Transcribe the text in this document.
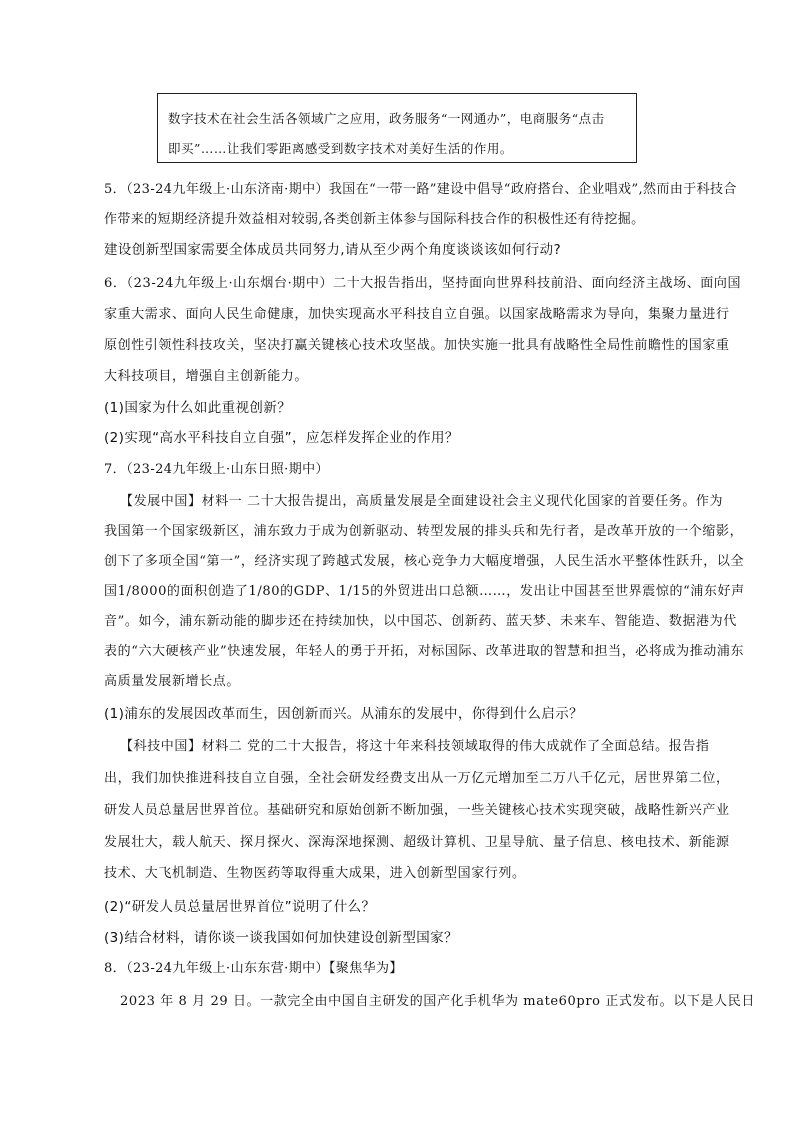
数字技术在社会生活各领域广之应用，政务服务“一网通办”，电商服务“点击
即买”……让我们零距离感受到数字技术对美好生活的作用。
5．（23-24九年级上·山东济南·期中）我国在“一带一路”建设中倡导“政府搭台、企业唱戏”,然而由于科技合
作带来的短期经济提升效益相对较弱,各类创新主体参与国际科技合作的积极性还有待挖掘。
建设创新型国家需要全体成员共同努力,请从至少两个角度谈谈该如何行动?
6．（23-24九年级上·山东烟台·期中）二十大报告指出，坚持面向世界科技前沿、面向经济主战场、面向国
家重大需求、面向人民生命健康，加快实现高水平科技自立自强。以国家战略需求为导向，集聚力量进行
原创性引领性科技攻关，坚决打赢关键核心技术攻坚战。加快实施一批具有战略性全局性前瞻性的国家重
大科技项目，增强自主创新能力。
(1)国家为什么如此重视创新？
(2)实现“高水平科技自立自强”，应怎样发挥企业的作用？
7．（23-24九年级上·山东日照·期中）
【发展中国】材料一 二十大报告提出，高质量发展是全面建设社会主义现代化国家的首要任务。作为
我国第一个国家级新区，浦东致力于成为创新驱动、转型发展的排头兵和先行者，是改革开放的一个缩影，
创下了多项全国“第一”，经济实现了跨越式发展，核心竞争力大幅度增强，人民生活水平整体性跃升，以全
国1/8000的面积创造了1/80的GDP、1/15的外贸进出口总额……，发出让中国甚至世界震惊的“浦东好声
音”。如今，浦东新动能的脚步还在持续加快，以中国芯、创新药、蓝天梦、未来车、智能造、数据港为代
表的“六大硬核产业”快速发展，年轻人的勇于开拓，对标国际、改革进取的智慧和担当，必将成为推动浦东
高质量发展新增长点。
(1)浦东的发展因改革而生，因创新而兴。从浦东的发展中，你得到什么启示？
【科技中国】材料二 党的二十大报告，将这十年来科技领域取得的伟大成就作了全面总结。报告指
出，我们加快推进科技自立自强，全社会研发经费支出从一万亿元增加至二万八千亿元，居世界第二位，
研发人员总量居世界首位。基础研究和原始创新不断加强，一些关键核心技术实现突破，战略性新兴产业
发展壮大，载人航天、探月探火、深海深地探测、超级计算机、卫星导航、量子信息、核电技术、新能源
技术、大飞机制造、生物医药等取得重大成果，进入创新型国家行列。
(2)“研发人员总量居世界首位”说明了什么？
(3)结合材料，请你谈一谈我国如何加快建设创新型国家？
8．（23-24九年级上·山东东营·期中）【聚焦华为】
2023 年 8 月 29 日。一款完全由中国自主研发的国产化手机华为 mate60pro 正式发布。以下是人民日
